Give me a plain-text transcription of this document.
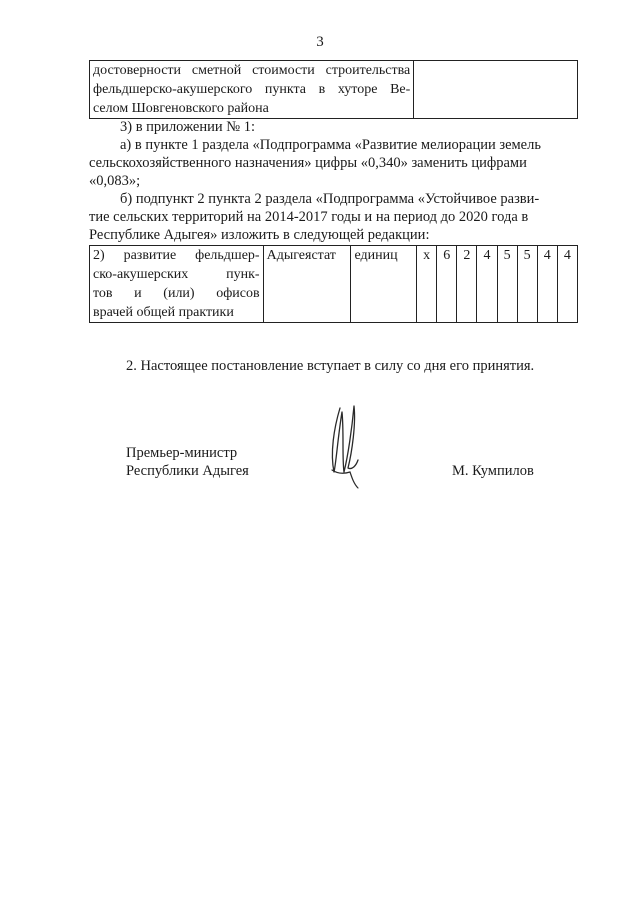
3
достоверности сметной стоимости строительства
фельдшерско-акушерского пункта в хуторе Ве-
селом Шовгеновского района

3) в приложении № 1:
а) в пункте 1 раздела «Подпрограмма «Развитие мелиорации земель
сельскохозяйственного назначения» цифры «0,340» заменить цифрами
«0,083»;
б) подпункт 2 пункта 2 раздела «Подпрограмма «Устойчивое разви-
тие сельских территорий на 2014-2017 годы и на период до 2020 года в
Республике Адыгея» изложить в следующей редакции:
2) развитие фельдшер-
ско-акушерских пунк-
тов и (или) офисов
врачей общей практики
	Адыгеястат	единиц	х	6	2	4	5	5	4	4
2. Настоящее постановление вступает в силу со дня его принятия.
Премьер-министр
Республики Адыгея	М. Кумпилов
